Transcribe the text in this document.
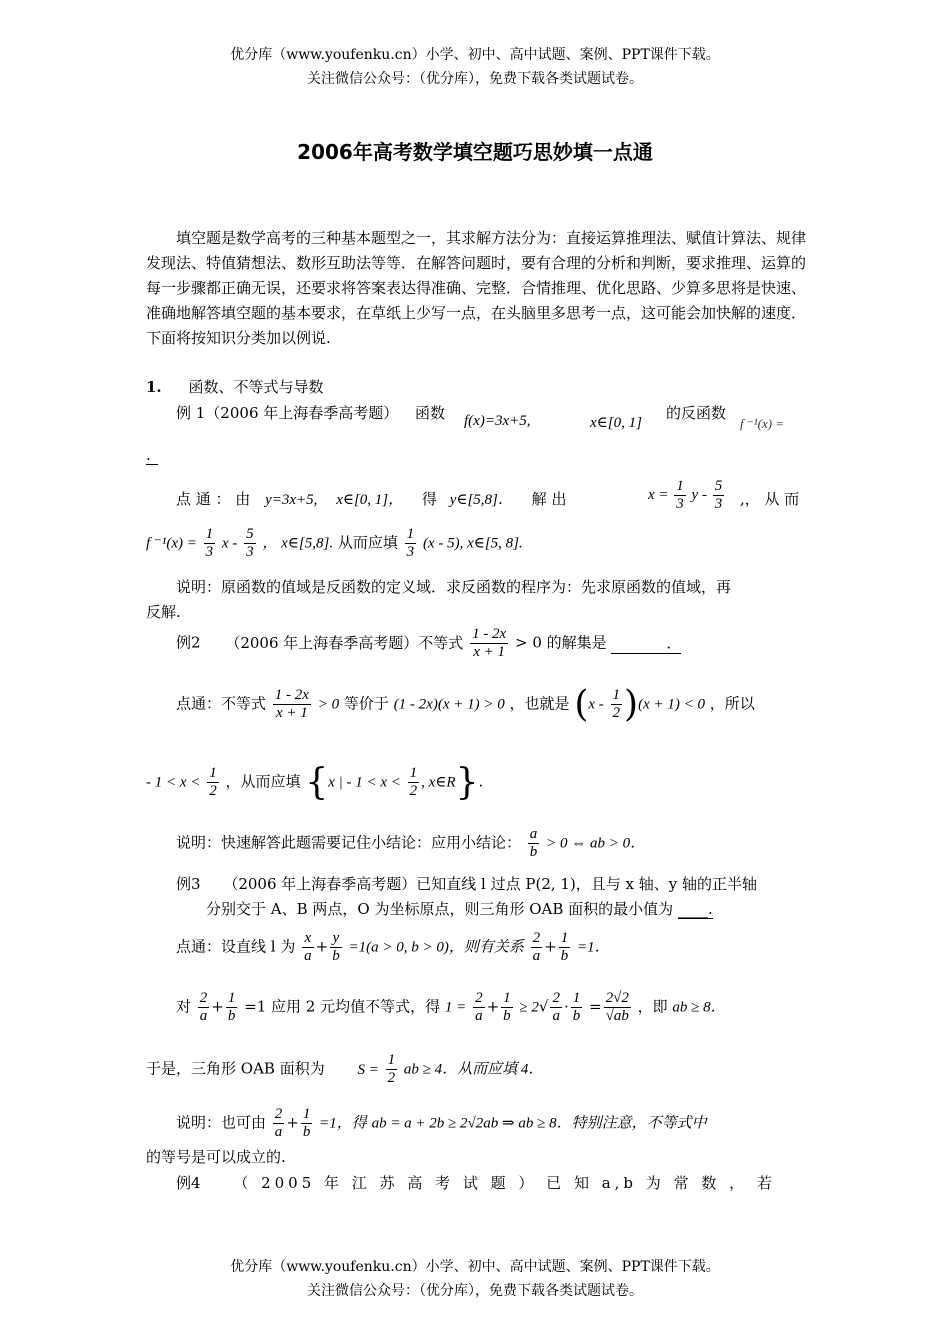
优分库（www.youfenku.cn）小学、初中、高中试题、案例、PPT课件下载。
关注微信公众号：（优分库），免费下载各类试题试卷。
2006年高考数学填空题巧思妙填一点通
填空题是数学高考的三种基本题型之一，其求解方法分为：直接运算推理法、赋值计算法、规律发现法、特值猜想法、数形互助法等等．在解答问题时，要有合理的分析和判断，要求推理、运算的每一步骤都正确无误，还要求将答案表达得准确、完整．合情推理、优化思路、少算多思将是快速、准确地解答填空题的基本要求，在草纸上少写一点，在头脑里多思考一点，这可能会加快解的速度．下面将按知识分类加以例说.
1. 函数、不等式与导数
例 1（2006 年上海春季高考题） 函数 f(x)=3x+5,	x∈[0, 1]
的反函数
f ⁻¹(x) =
.
点 通 ： 由 y=3x+5, x∈[0, 1]， 得 y∈[5,8]． 解 出	$x = \frac{1}{3}$ y - $\frac{5}{3}$ ,， 从 而
f $^{-1}(x) = \frac{1}{3}$ x - $\frac{5}{3}$ ， x∈[5,8]. 从而应填 $\frac{1}{3} (x - 5)$, x∈[5, 8].
说明：原函数的值域是反函数的定义域．求反函数的程序为：先求原函数的值域，再
反解.
例2 （2006 年上海春季高考题）不等式 $\frac{1 - 2x}{x + 1} > 0$ 的解集是	．
点通：不等式 $\frac{1 - 2x}{x + 1} > 0$ 等价于 (1 - 2x)(x + 1) > 0 ，也就是 $(x - \frac{1}{2} )(x + 1) < 0$ ，所以
- $1 < x < \frac{1}{2}$ ，从而应填 {x | - $1 < x < \frac{1}{2}$ , x∈R}.
说明：快速解答此题需要记住小结论：应用小结论： $\frac{a}{b} > 0$ ⇔ ab > 0．
例3 （2006 年上海春季高考题）已知直线 l 过点 P(2, 1)，且与 x 轴、y 轴的正半轴
分别交于 A、B 两点，O 为坐标原点，则三角形 OAB 面积的最小值为 ____.
点通：设直线 l 为 $\frac{x}{a} + \frac{y}{b} =1(a > 0$, b > 0)，则有关系 $\frac{2}{a} + \frac{1}{b} =1$．
对 $\frac{2}{a} + \frac{1}{b} =1$ 应用 2 元均值不等式，得 $1 = \frac{2}{a} + \frac{1}{b} \ge 2√ \frac{2}{a} \cdot \frac{1}{b} = \frac{2√2}{√ab}$ ，即 ab ≥ 8．
于是，三角形 OAB 面积为 $S = \frac{1}{2}$ ab ≥ 4．从而应填 4．
说明：也可由 $\frac{2}{a} + \frac{1}{b} =1$，得 ab = a + 2b ≥ 2√2ab ⇒ ab ≥ 8．特别注意，不等式中
的等号是可以成立的.
例4 （ 2005 年 江 苏 高 考 试 题 ） 已 知 a,b 为 常 数 ， 若
优分库（www.youfenku.cn）小学、初中、高中试题、案例、PPT课件下载。
关注微信公众号：（优分库），免费下载各类试题试卷。
